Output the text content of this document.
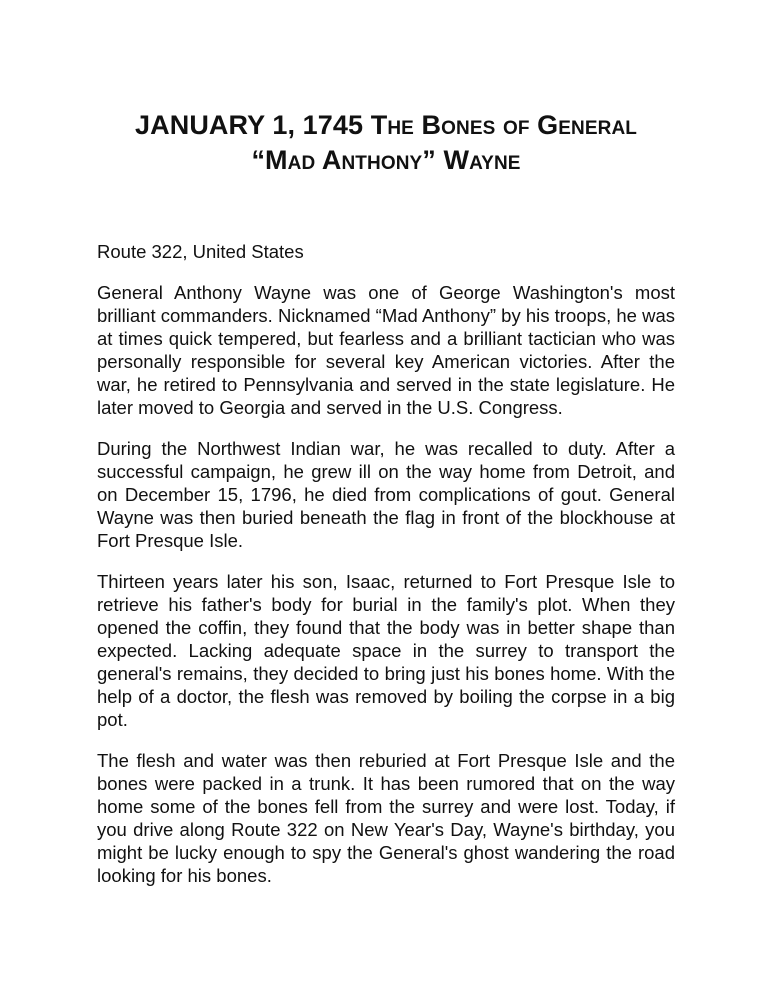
JANUARY 1, 1745 The Bones of General
“Mad Anthony” Wayne

Route 322, United States

General Anthony Wayne was one of George Washington's most brilliant commanders. Nicknamed “Mad Anthony” by his troops, he was at times quick tempered, but fearless and a brilliant tactician who was personally responsible for several key American victories. After the war, he retired to Pennsylvania and served in the state legislature. He later moved to Georgia and served in the U.S. Congress.

During the Northwest Indian war, he was recalled to duty. After a successful campaign, he grew ill on the way home from Detroit, and on December 15, 1796, he died from complications of gout. General Wayne was then buried beneath the flag in front of the blockhouse at Fort Presque Isle.

Thirteen years later his son, Isaac, returned to Fort Presque Isle to retrieve his father's body for burial in the family's plot. When they opened the coffin, they found that the body was in better shape than expected. Lacking adequate space in the surrey to transport the general's remains, they decided to bring just his bones home. With the help of a doctor, the flesh was removed by boiling the corpse in a big pot.

The flesh and water was then reburied at Fort Presque Isle and the bones were packed in a trunk. It has been rumored that on the way home some of the bones fell from the surrey and were lost. Today, if you drive along Route 322 on New Year's Day, Wayne's birthday, you might be lucky enough to spy the General's ghost wandering the road looking for his bones.
